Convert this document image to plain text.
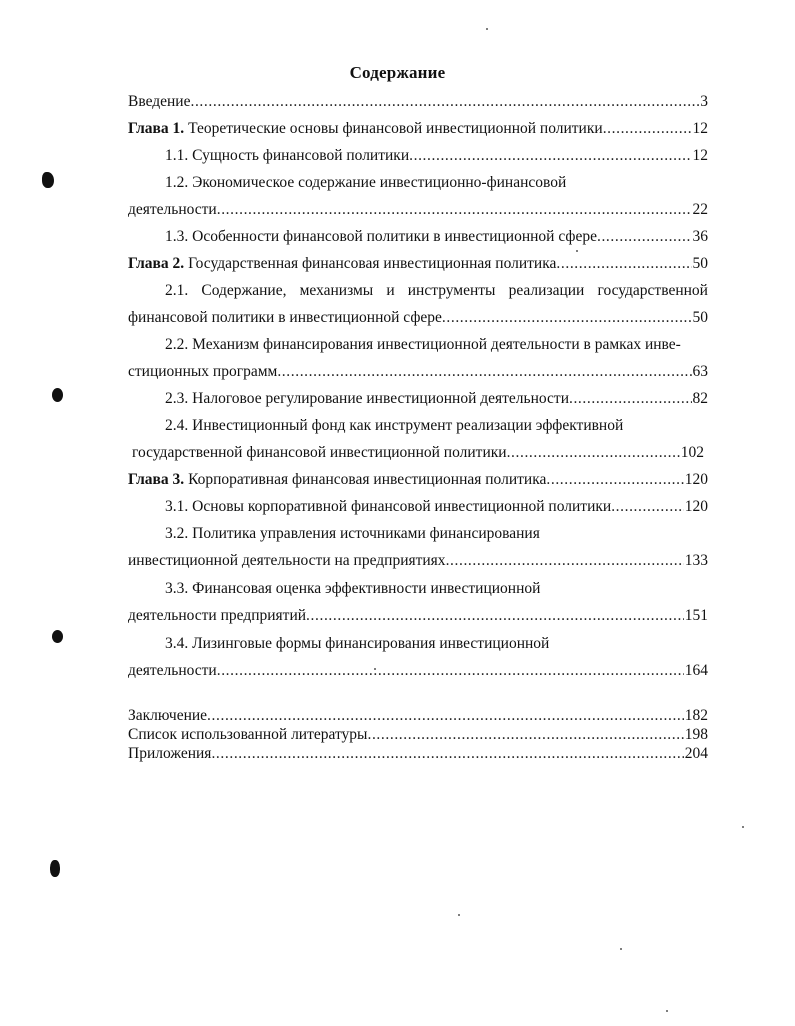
Содержание
Введение .....	3
Глава 1. Теоретические основы финансовой инвестиционной политики .....	12
1.1. Сущность финансовой политики .....	12
1.2. Экономическое содержание инвестиционно-финансовой
деятельности .....	22
1.3. Особенности финансовой политики в инвестиционной сфере .....	36
Глава 2. Государственная финансовая инвестиционная политика .....	50
2.1. Содержание, механизмы и инструменты реализации государственной
финансовой политики в инвестиционной сфере .....	50
2.2. Механизм финансирования инвестиционной деятельности в рамках инве-
стиционных программ .....	63
2.3. Налоговое регулирование инвестиционной деятельности .....	82
2.4. Инвестиционный фонд как инструмент реализации эффективной
государственной финансовой инвестиционной политики .....	102
Глава 3. Корпоративная финансовая инвестиционная политика .....	120
3.1. Основы корпоративной финансовой инвестиционной политики .....	120
3.2. Политика управления источниками финансирования
инвестиционной деятельности на предприятиях .....	133
3.3. Финансовая оценка эффективности инвестиционной
деятельности предприятий .....	151
3.4. Лизинговые формы финансирования инвестиционной
деятельности .....	164
Заключение .....	182
Список использованной литературы .....	198
Приложения .....	204
